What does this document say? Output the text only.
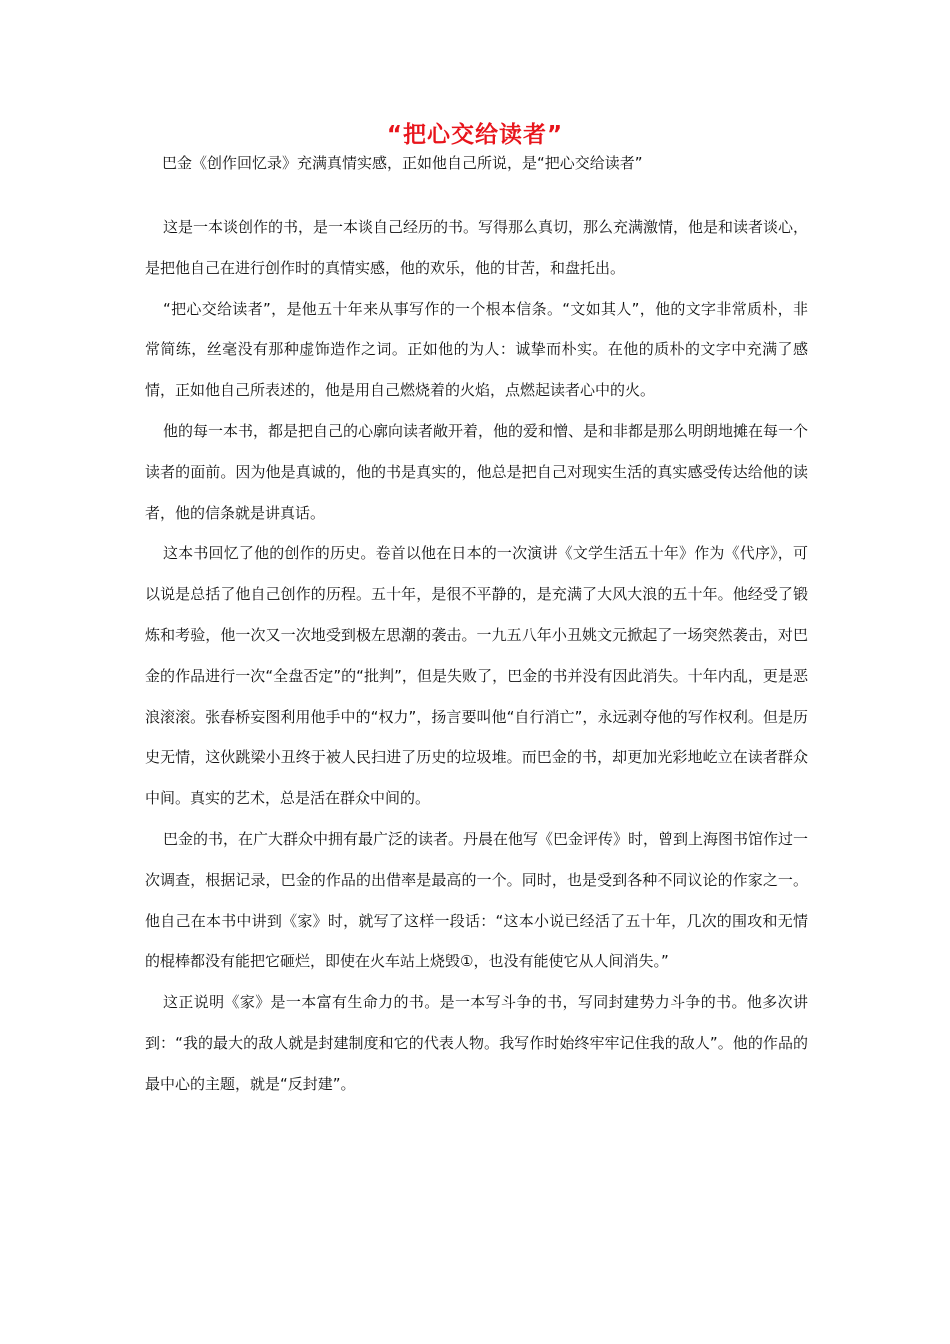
“把心交给读者”
巴金《创作回忆录》充满真情实感，正如他自己所说，是“把心交给读者”

这是一本谈创作的书，是一本谈自己经历的书。写得那么真切，那么充满激情，他是和读者谈心，是把他自己在进行创作时的真情实感，他的欢乐，他的甘苦，和盘托出。

“把心交给读者”，是他五十年来从事写作的一个根本信条。“文如其人”，他的文字非常质朴，非常简练，丝毫没有那种虚饰造作之词。正如他的为人：诚挚而朴实。在他的质朴的文字中充满了感情，正如他自己所表述的，他是用自己燃烧着的火焰，点燃起读者心中的火。

他的每一本书，都是把自己的心廓向读者敞开着，他的爱和憎、是和非都是那么明朗地摊在每一个读者的面前。因为他是真诚的，他的书是真实的，他总是把自己对现实生活的真实感受传达给他的读者，他的信条就是讲真话。

这本书回忆了他的创作的历史。卷首以他在日本的一次演讲《文学生活五十年》作为《代序》，可以说是总括了他自己创作的历程。五十年，是很不平静的，是充满了大风大浪的五十年。他经受了锻炼和考验，他一次又一次地受到极左思潮的袭击。一九五八年小丑姚文元掀起了一场突然袭击，对巴金的作品进行一次“全盘否定”的“批判”，但是失败了，巴金的书并没有因此消失。十年内乱，更是恶浪滚滚。张春桥妄图利用他手中的“权力”，扬言要叫他“自行消亡”，永远剥夺他的写作权利。但是历史无情，这伙跳梁小丑终于被人民扫进了历史的垃圾堆。而巴金的书，却更加光彩地屹立在读者群众中间。真实的艺术，总是活在群众中间的。

巴金的书，在广大群众中拥有最广泛的读者。丹晨在他写《巴金评传》时，曾到上海图书馆作过一次调查，根据记录，巴金的作品的出借率是最高的一个。同时，也是受到各种不同议论的作家之一。他自己在本书中讲到《家》时，就写了这样一段话：“这本小说已经活了五十年，几次的围攻和无情的棍棒都没有能把它砸烂，即使在火车站上烧毁①，也没有能使它从人间消失。”

这正说明《家》是一本富有生命力的书。是一本写斗争的书，写同封建势力斗争的书。他多次讲到：“我的最大的敌人就是封建制度和它的代表人物。我写作时始终牢牢记住我的敌人”。他的作品的最中心的主题，就是“反封建”。
